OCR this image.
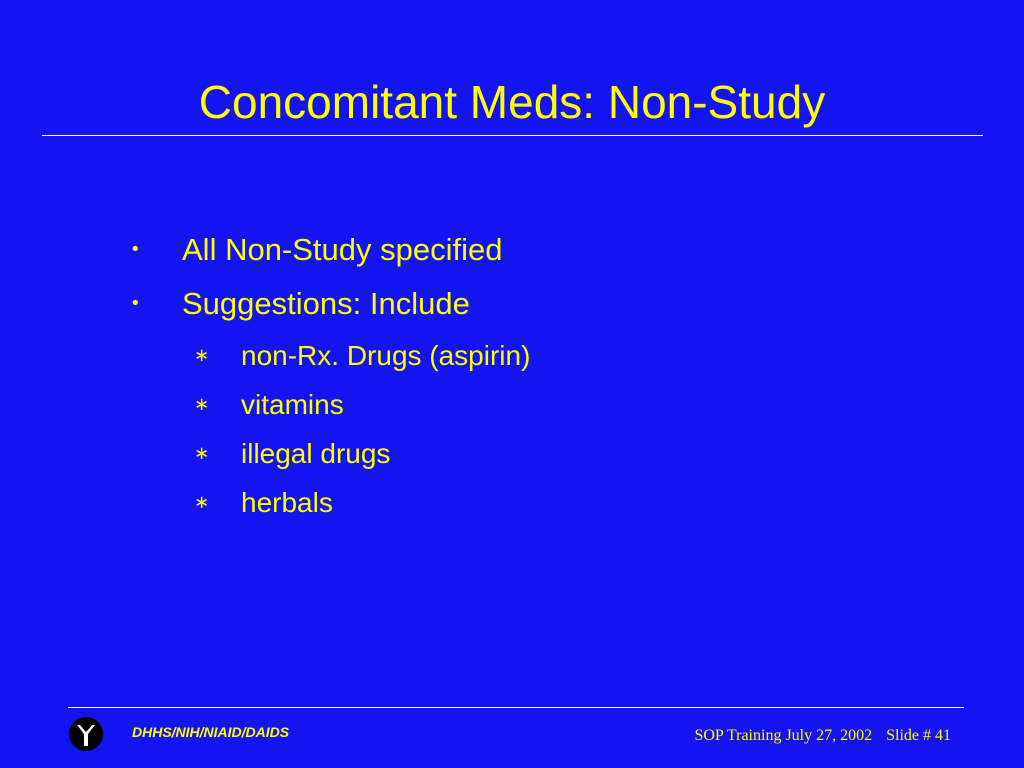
Concomitant Meds: Non-Study
• All Non-Study specified
• Suggestions: Include
∗ non-Rx. Drugs (aspirin)
∗ vitamins
∗ illegal drugs
∗ herbals
DHHS/NIH/NIAID/DAIDS	SOP Training July 27, 2002 Slide # 41
